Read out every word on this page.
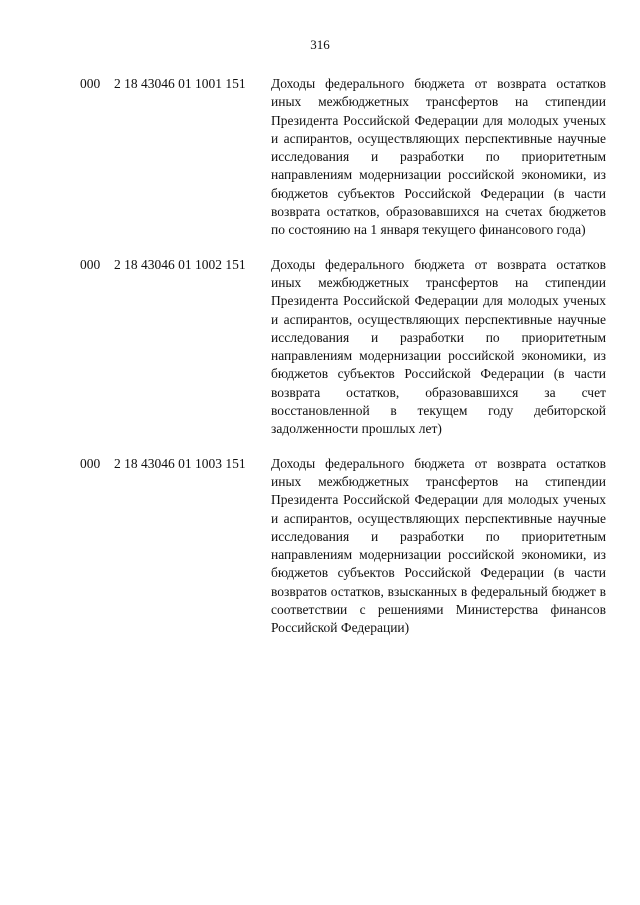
316
000 2 18 43046 01 1001 151 Доходы федерального бюджета от возврата остатков иных межбюджетных трансфертов на стипендии Президента Российской Федерации для молодых ученых и аспирантов, осуществляющих перспективные научные исследования и разработки по приоритетным направлениям модернизации российской экономики, из бюджетов субъектов Российской Федерации (в части возврата остатков, образовавшихся на счетах бюджетов по состоянию на 1 января текущего финансового года)
000 2 18 43046 01 1002 151 Доходы федерального бюджета от возврата остатков иных межбюджетных трансфертов на стипендии Президента Российской Федерации для молодых ученых и аспирантов, осуществляющих перспективные научные исследования и разработки по приоритетным направлениям модернизации российской экономики, из бюджетов субъектов Российской Федерации (в части возврата остатков, образовавшихся за счет восстановленной в текущем году дебиторской задолженности прошлых лет)
000 2 18 43046 01 1003 151 Доходы федерального бюджета от возврата остатков иных межбюджетных трансфертов на стипендии Президента Российской Федерации для молодых ученых и аспирантов, осуществляющих перспективные научные исследования и разработки по приоритетным направлениям модернизации российской экономики, из бюджетов субъектов Российской Федерации (в части возвратов остатков, взысканных в федеральный бюджет в соответствии с решениями Министерства финансов Российской Федерации)
